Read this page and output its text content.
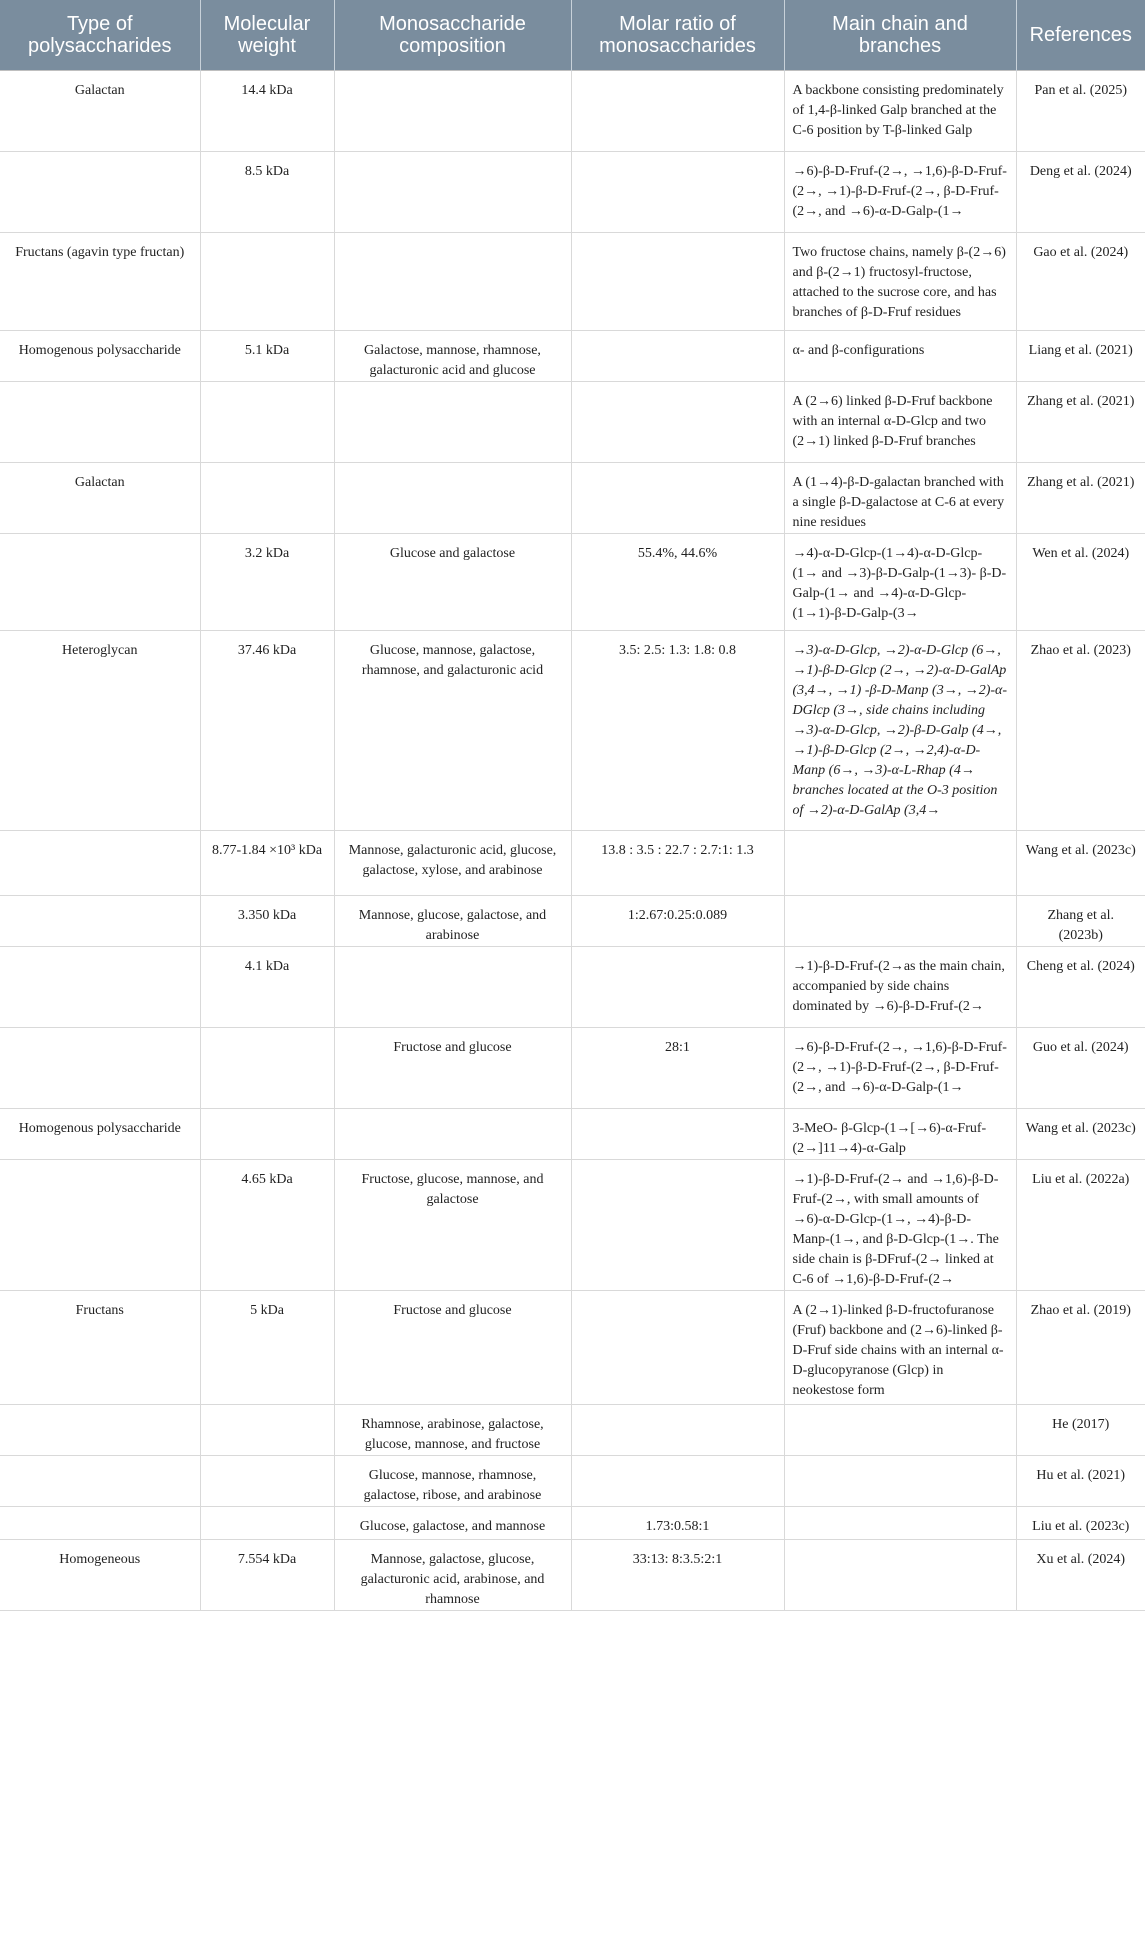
Type of polysaccharides	Molecular weight	Monosaccharide composition	Molar ratio of monosaccharides	Main chain and branches	References
Galactan	14.4 kDa			A backbone consisting predominately of 1,4-β-linked Galp branched at the C-6 position by T-β-linked Galp	Pan et al. (2025)
	8.5 kDa			→6)-β-D-Fruf-(2→, →1,6)-β-D-Fruf-(2→, →1)-β-D-Fruf-(2→, β-D-Fruf-(2→, and →6)-α-D-Galp-(1→	Deng et al. (2024)
Fructans (agavin type fructan)				Two fructose chains, namely β-(2→6) and β-(2→1) fructosyl-fructose, attached to the sucrose core, and has branches of β-D-Fruf residues	Gao et al. (2024)
Homogenous polysaccharide	5.1 kDa	Galactose, mannose, rhamnose, galacturonic acid and glucose		α- and β-configurations	Liang et al. (2021)
				A (2→6) linked β-D-Fruf backbone with an internal α-D-Glcp and two (2→1) linked β-D-Fruf branches	Zhang et al. (2021)
Galactan				A (1→4)-β-D-galactan branched with a single β-D-galactose at C-6 at every nine residues	Zhang et al. (2021)
	3.2 kDa	Glucose and galactose	55.4%, 44.6%	→4)-α-D-Glcp-(1→4)-α-D-Glcp-(1→ and →3)-β-D-Galp-(1→3)- β-D-Galp-(1→ and →4)-α-D-Glcp-(1→1)-β-D-Galp-(3→	Wen et al. (2024)
Heteroglycan	37.46 kDa	Glucose, mannose, galactose, rhamnose, and galacturonic acid	3.5: 2.5: 1.3: 1.8: 0.8	→3)-α-D-Glcp, →2)-α-D-Glcp (6→, →1)-β-D-Glcp (2→, →2)-α-D-GalAp (3,4→, →1) -β-D-Manp (3→, →2)-α-DGlcp (3→, side chains including →3)-α-D-Glcp, →2)-β-D-Galp (4→, →1)-β-D-Glcp (2→, →2,4)-α-D-Manp (6→, →3)-α-L-Rhap (4→ branches located at the O-3 position of →2)-α-D-GalAp (3,4→	Zhao et al. (2023)
	8.77-1.84 ×10³ kDa	Mannose, galacturonic acid, glucose, galactose, xylose, and arabinose	13.8 : 3.5 : 22.7 : 2.7:1: 1.3		Wang et al. (2023c)
	3.350 kDa	Mannose, glucose, galactose, and arabinose	1:2.67:0.25:0.089		Zhang et al. (2023b)
	4.1 kDa			→1)-β-D-Fruf-(2→as the main chain, accompanied by side chains dominated by →6)-β-D-Fruf-(2→	Cheng et al. (2024)
		Fructose and glucose	28:1	→6)-β-D-Fruf-(2→, →1,6)-β-D-Fruf-(2→, →1)-β-D-Fruf-(2→, β-D-Fruf-(2→, and →6)-α-D-Galp-(1→	Guo et al. (2024)
Homogenous polysaccharide				3-MeO- β-Glcp-(1→[→6)-α-Fruf-(2→]11→4)-α-Galp	Wang et al. (2023c)
	4.65 kDa	Fructose, glucose, mannose, and galactose		→1)-β-D-Fruf-(2→ and →1,6)-β-D-Fruf-(2→, with small amounts of →6)-α-D-Glcp-(1→, →4)-β-D-Manp-(1→, and β-D-Glcp-(1→. The side chain is β-DFruf-(2→ linked at C-6 of →1,6)-β-D-Fruf-(2→	Liu et al. (2022a)
Fructans	5 kDa	Fructose and glucose		A (2→1)-linked β-D-fructofuranose (Fruf) backbone and (2→6)-linked β-D-Fruf side chains with an internal α-D-glucopyranose (Glcp) in neokestose form	Zhao et al. (2019)
		Rhamnose, arabinose, galactose, glucose, mannose, and fructose			He (2017)
		Glucose, mannose, rhamnose, galactose, ribose, and arabinose			Hu et al. (2021)
		Glucose, galactose, and mannose	1.73:0.58:1		Liu et al. (2023c)
Homogeneous	7.554 kDa	Mannose, galactose, glucose, galacturonic acid, arabinose, and rhamnose	33:13: 8:3.5:2:1		Xu et al. (2024)
